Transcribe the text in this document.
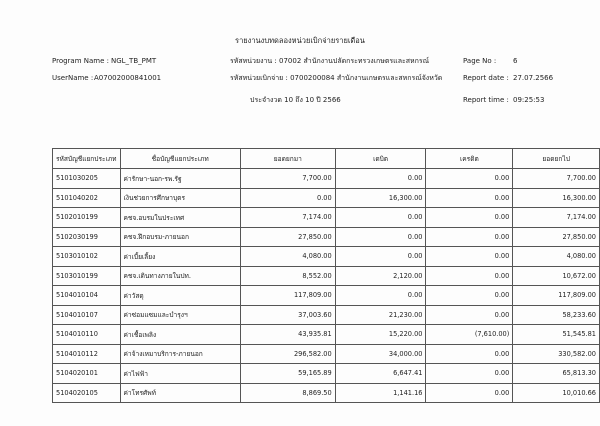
รายงานงบทดลองหน่วยเบิกจ่ายรายเดือน
Program Name : NGL_TB_PMT
UserName : A07002000841001
รหัสหน่วยงาน : 07002 สำนักงานปลัดกระทรวงเกษตรและสหกรณ์
รหัสหน่วยเบิกจ่าย : 0700200084 สำนักงานเกษตรและสหกรณ์จังหวัด
ประจำงวด 10 ถึง 10 ปี 2566
Page No : 6
Report date : 27.07.2566
Report time : 09:25:53
รหัสบัญชีแยกประเภท	ชื่อบัญชีแยกประเภท	ยอดยกมา	เดบิต	เครดิต	ยอดยกไป
5101030205	ค่ารักษา-นอก-รพ.รัฐ	7,700.00	0.00	0.00	7,700.00
5101040202	เงินช่วยการศึกษาบุตร	0.00	16,300.00	0.00	16,300.00
5102010199	คชจ.อบรมในประเทศ	7,174.00	0.00	0.00	7,174.00
5102030199	คชจ.ฝึกอบรม-ภายนอก	27,850.00	0.00	0.00	27,850.00
5103010102	ค่าเบี้ยเลี้ยง	4,080.00	0.00	0.00	4,080.00
5103010199	คชจ.เดินทางภายในปท.	8,552.00	2,120.00	0.00	10,672.00
5104010104	ค่าวัสดุ	117,809.00	0.00	0.00	117,809.00
5104010107	ค่าซ่อมแซมและบำรุงฯ	37,003.60	21,230.00	0.00	58,233.60
5104010110	ค่าเชื้อเพลิง	43,935.81	15,220.00	(7,610.00)	51,545.81
5104010112	ค่าจ้างเหมาบริการ-ภายนอก	296,582.00	34,000.00	0.00	330,582.00
5104020101	ค่าไฟฟ้า	59,165.89	6,647.41	0.00	65,813.30
5104020105	ค่าโทรศัพท์	8,869.50	1,141.16	0.00	10,010.66
